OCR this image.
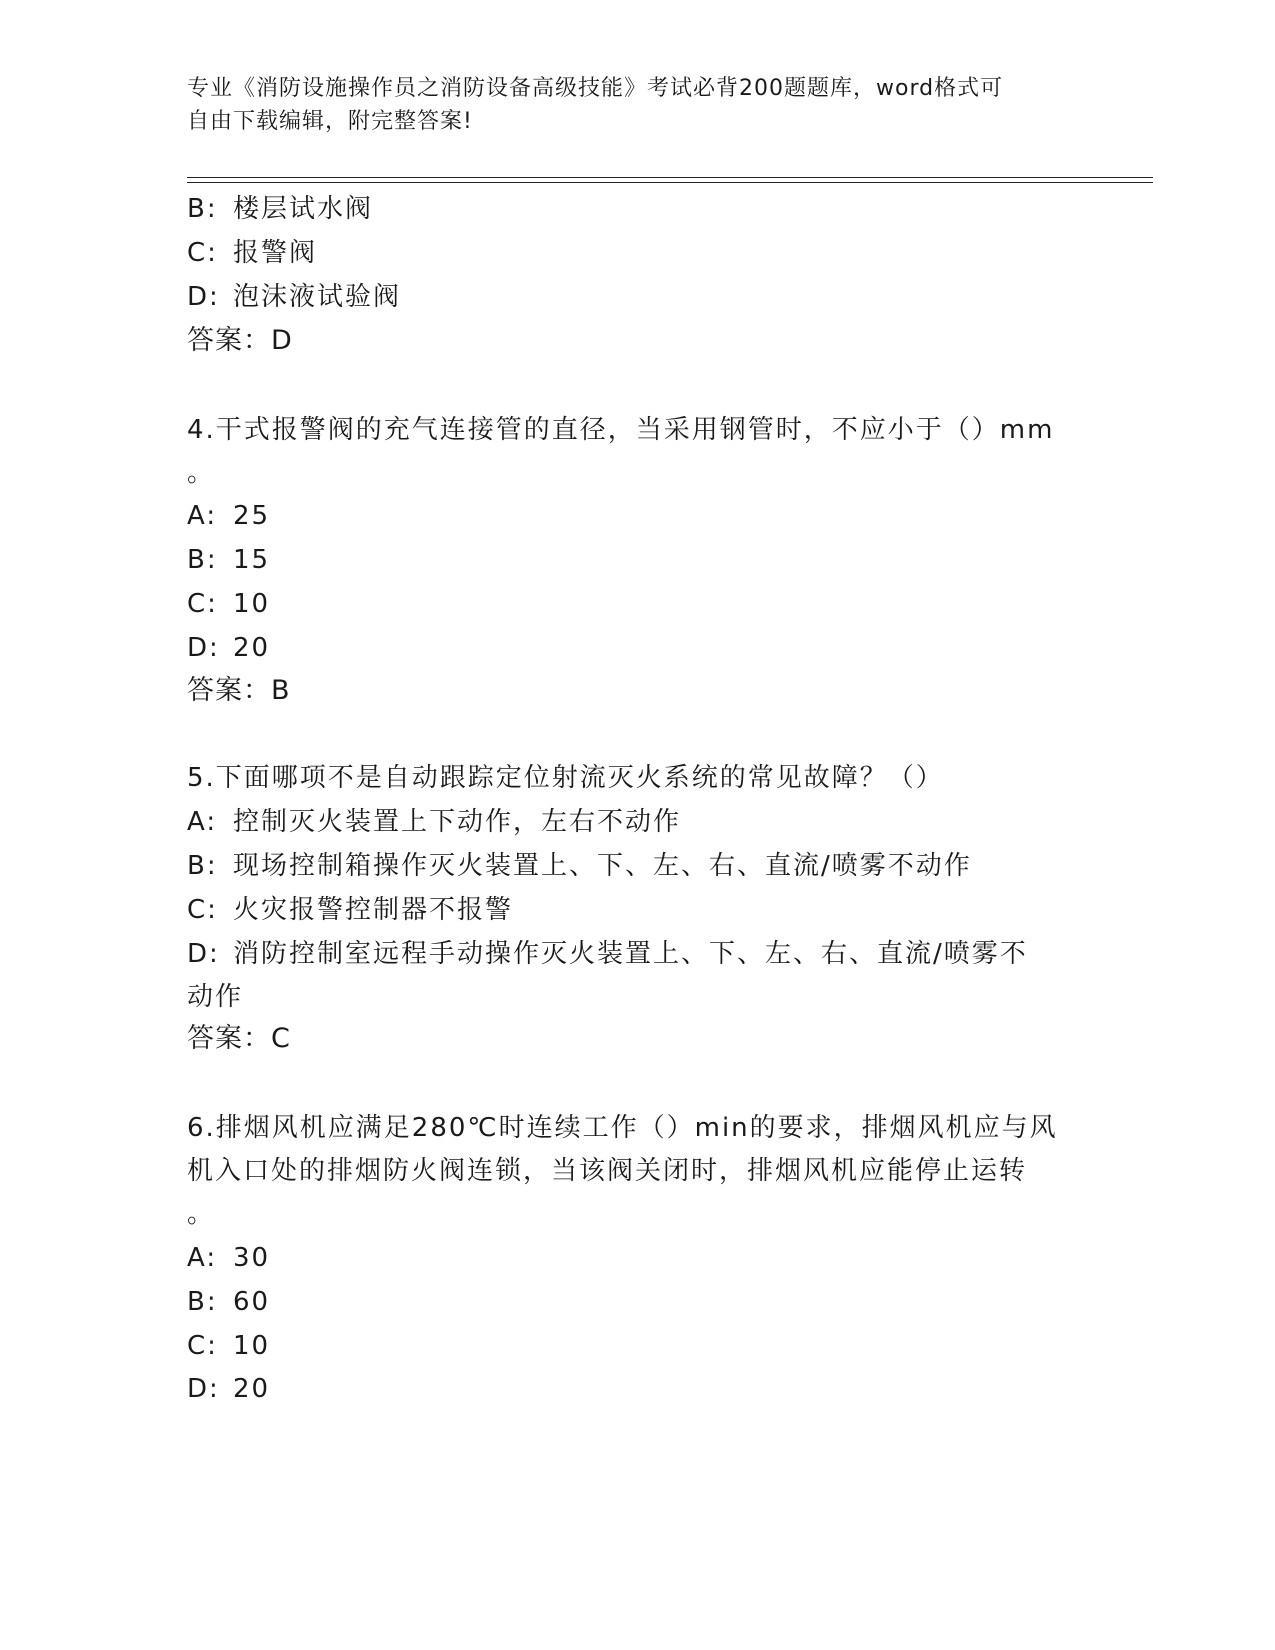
专业《消防设施操作员之消防设备高级技能》考试必背200题题库，word格式可
自由下载编辑，附完整答案!
B: 楼层试水阀
C: 报警阀
D: 泡沫液试验阀
答案：D
4.干式报警阀的充气连接管的直径，当采用钢管时，不应小于（）mm
。
A: 25
B: 15
C: 10
D: 20
答案：B
5.下面哪项不是自动跟踪定位射流灭火系统的常见故障？（）
A: 控制灭火装置上下动作，左右不动作
B: 现场控制箱操作灭火装置上、下、左、右、直流/喷雾不动作
C: 火灾报警控制器不报警
D: 消防控制室远程手动操作灭火装置上、下、左、右、直流/喷雾不
动作
答案：C
6.排烟风机应满足280℃时连续工作（）min的要求，排烟风机应与风
机入口处的排烟防火阀连锁，当该阀关闭时，排烟风机应能停止运转
。
A: 30
B: 60
C: 10
D: 20
